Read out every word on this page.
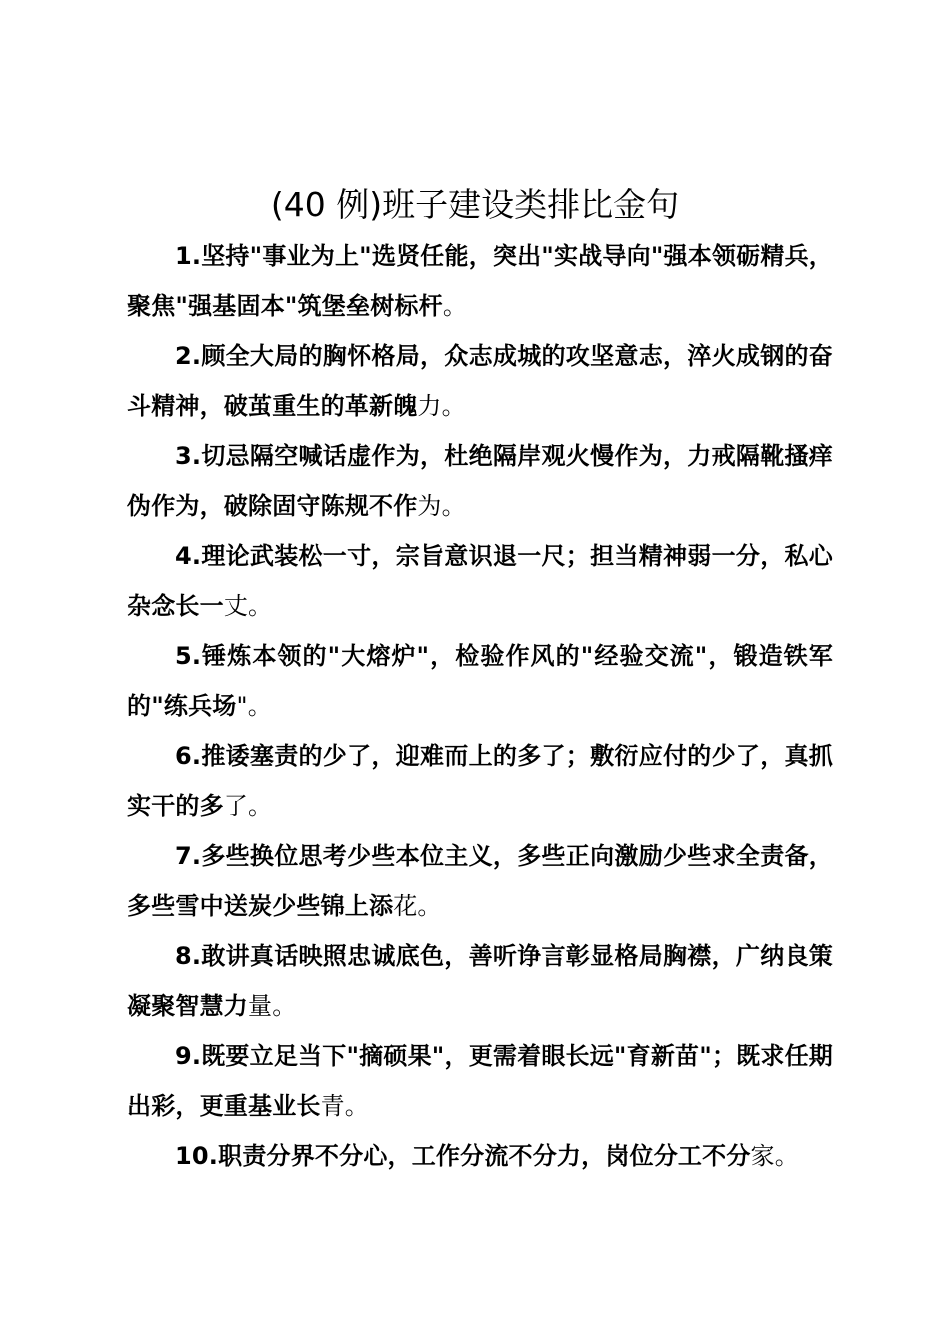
(40 例)班子建设类排比金句

1.坚持"事业为上"选贤任能，突出"实战导向"强本领砺精兵，聚焦"强基固本"筑堡垒树标杆。

2.顾全大局的胸怀格局，众志成城的攻坚意志，淬火成钢的奋斗精神，破茧重生的革新魄力。

3.切忌隔空喊话虚作为，杜绝隔岸观火慢作为，力戒隔靴搔痒伪作为，破除固守陈规不作为。

4.理论武装松一寸，宗旨意识退一尺；担当精神弱一分，私心杂念长一丈。

5.锤炼本领的"大熔炉"，检验作风的"经验交流"，锻造铁军的"练兵场"。

6.推诿塞责的少了，迎难而上的多了；敷衍应付的少了，真抓实干的多了。

7.多些换位思考少些本位主义，多些正向激励少些求全责备，多些雪中送炭少些锦上添花。

8.敢讲真话映照忠诚底色，善听诤言彰显格局胸襟，广纳良策凝聚智慧力量。

9.既要立足当下"摘硕果"，更需着眼长远"育新苗"；既求任期出彩，更重基业长青。

10.职责分界不分心，工作分流不分力，岗位分工不分家。
